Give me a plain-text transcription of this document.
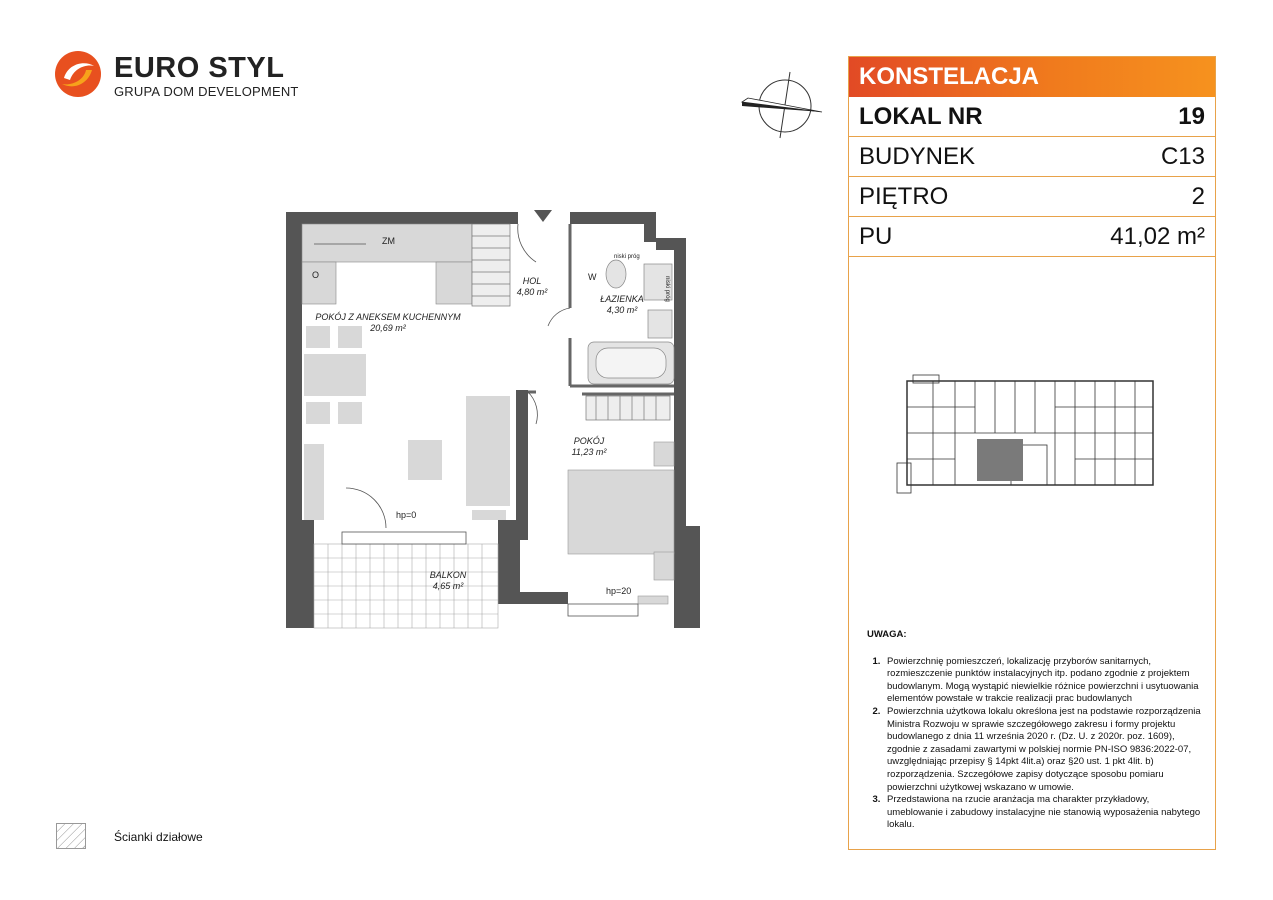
EURO STYL
GRUPA DOM DEVELOPMENT
HOL
4,80 m²
ŁAZIENKA
4,30 m²
POKÓJ Z ANEKSEM KUCHENNYM
20,69 m²
POKÓJ
11,23 m²
BALKON
4,65 m²
ZM
W
O
hp=0
hp=20
niski próg
niski próg
KONSTELACJA
LOKAL NR	19
BUDYNEK	C13
PIĘTRO	2
PU	41,02 m²
UWAGA:
1. Powierzchnię pomieszczeń, lokalizację przyborów sanitarnych, rozmieszczenie punktów instalacyjnych itp. podano zgodnie z projektem budowlanym. Mogą wystąpić niewielkie różnice powierzchni i usytuowania elementów powstałe w trakcie realizacji prac budowlanych
2. Powierzchnia użytkowa lokalu określona jest na podstawie rozporządzenia Ministra Rozwoju w sprawie szczegółowego zakresu i formy projektu budowlanego z dnia 11 września 2020 r. (Dz. U. z 2020r. poz. 1609), zgodnie z zasadami zawartymi w polskiej normie PN-ISO 9836:2022-07, uwzględniając przepisy § 14pkt 4lit.a) oraz §20 ust. 1 pkt 4lit. b) rozporządzenia. Szczegółowe zapisy dotyczące sposobu pomiaru powierzchni użytkowej wskazano w umowie.
3. Przedstawiona na rzucie aranżacja ma charakter przykładowy, umeblowanie i zabudowy instalacyjne nie stanowią wyposażenia nabytego lokalu.
Ścianki działowe
